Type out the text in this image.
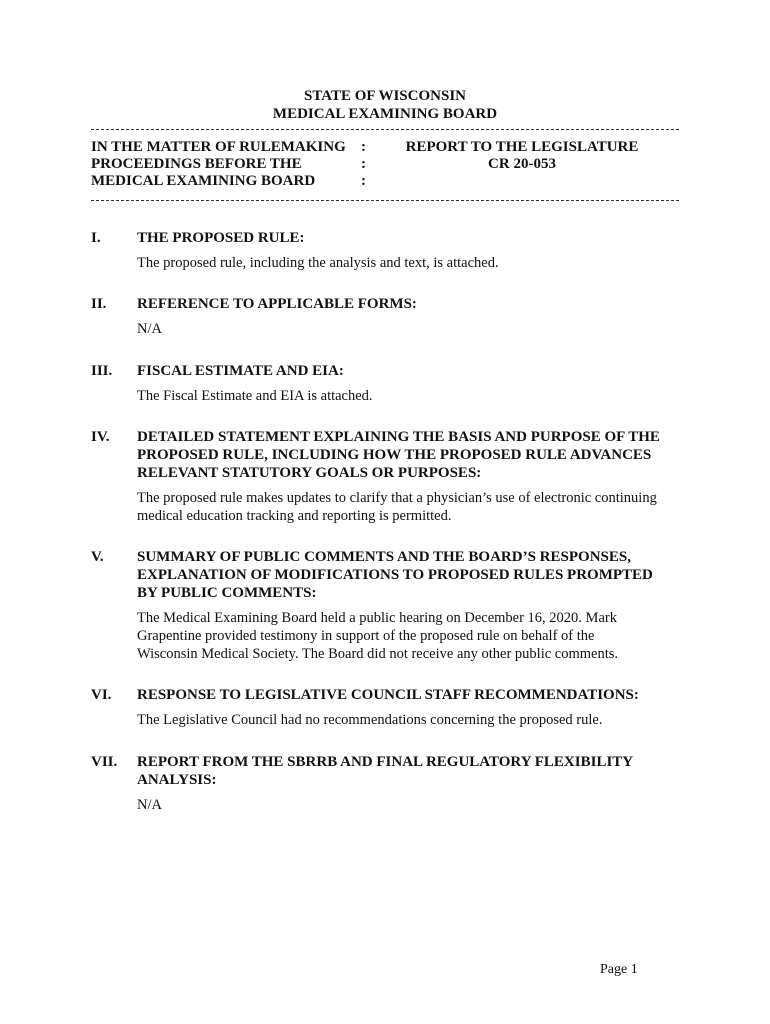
STATE OF WISCONSIN
MEDICAL EXAMINING BOARD
IN THE MATTER OF RULEMAKING
PROCEEDINGS BEFORE THE
MEDICAL EXAMINING BOARD
:
:
:
REPORT TO THE LEGISLATURE
CR 20-053
I. THE PROPOSED RULE:
The proposed rule, including the analysis and text, is attached.
II. REFERENCE TO APPLICABLE FORMS:
N/A
III. FISCAL ESTIMATE AND EIA:
The Fiscal Estimate and EIA is attached.
IV. DETAILED STATEMENT EXPLAINING THE BASIS AND PURPOSE OF THE
PROPOSED RULE, INCLUDING HOW THE PROPOSED RULE ADVANCES
RELEVANT STATUTORY GOALS OR PURPOSES:
The proposed rule makes updates to clarify that a physician’s use of electronic continuing
medical education tracking and reporting is permitted.
V. SUMMARY OF PUBLIC COMMENTS AND THE BOARD’S RESPONSES,
EXPLANATION OF MODIFICATIONS TO PROPOSED RULES PROMPTED
BY PUBLIC COMMENTS:
The Medical Examining Board held a public hearing on December 16, 2020. Mark
Grapentine provided testimony in support of the proposed rule on behalf of the
Wisconsin Medical Society. The Board did not receive any other public comments.
VI. RESPONSE TO LEGISLATIVE COUNCIL STAFF RECOMMENDATIONS:
The Legislative Council had no recommendations concerning the proposed rule.
VII. REPORT FROM THE SBRRB AND FINAL REGULATORY FLEXIBILITY
ANALYSIS:
N/A
Page 1
